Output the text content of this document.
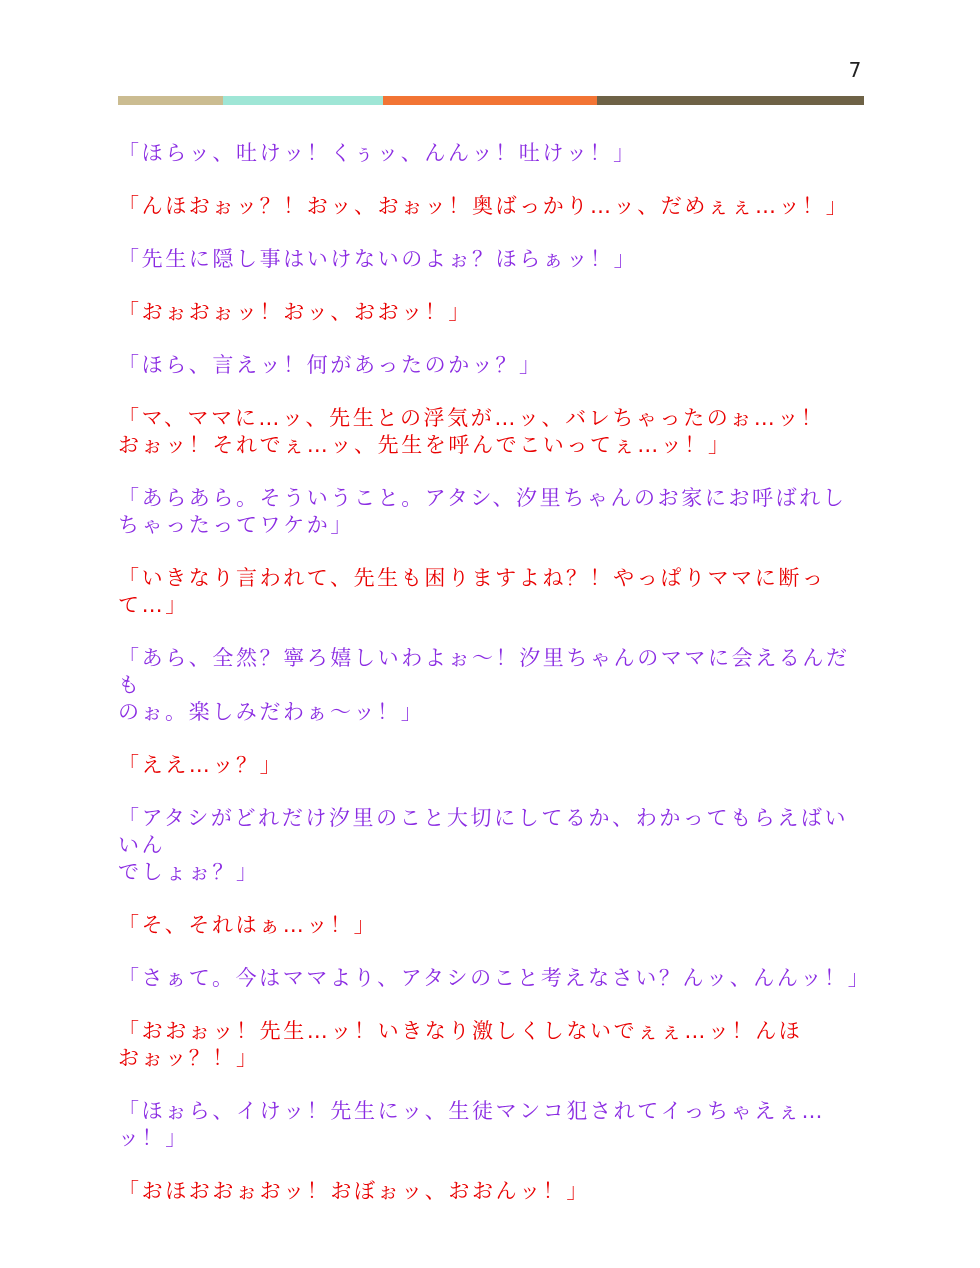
7

「ほらッ、吐けッ！くぅッ、んんッ！吐けッ！」

「んほおぉッ？！おッ、おぉッ！奥ばっかり…ッ、だめぇぇ…ッ！」

「先生に隠し事はいけないのよぉ？ほらぁッ！」

「おぉおぉッ！おッ、おおッ！」

「ほら、言えッ！何があったのかッ？」

「マ、ママに…ッ、先生との浮気が…ッ、バレちゃったのぉ…ッ！
おぉッ！それでぇ…ッ、先生を呼んでこいってぇ…ッ！」

「あらあら。そういうこと。アタシ、汐里ちゃんのお家にお呼ばれし
ちゃったってワケか」

「いきなり言われて、先生も困りますよね？！やっぱりママに断って…」

「あら、全然？寧ろ嬉しいわよぉ～！汐里ちゃんのママに会えるんだも
のぉ。楽しみだわぁ～ッ！」

「ええ…ッ？」

「アタシがどれだけ汐里のこと大切にしてるか、わかってもらえばいいん
でしょぉ？」

「そ、それはぁ…ッ！」

「さぁて。今はママより、アタシのこと考えなさい？んッ、んんッ！」

「おおぉッ！先生…ッ！いきなり激しくしないでぇぇ…ッ！んほ
おぉッ？！」

「ほぉら、イけッ！先生にッ、生徒マンコ犯されてイっちゃえぇ…ッ！」

「おほおおぉおッ！おぼぉッ、おおんッ！」
